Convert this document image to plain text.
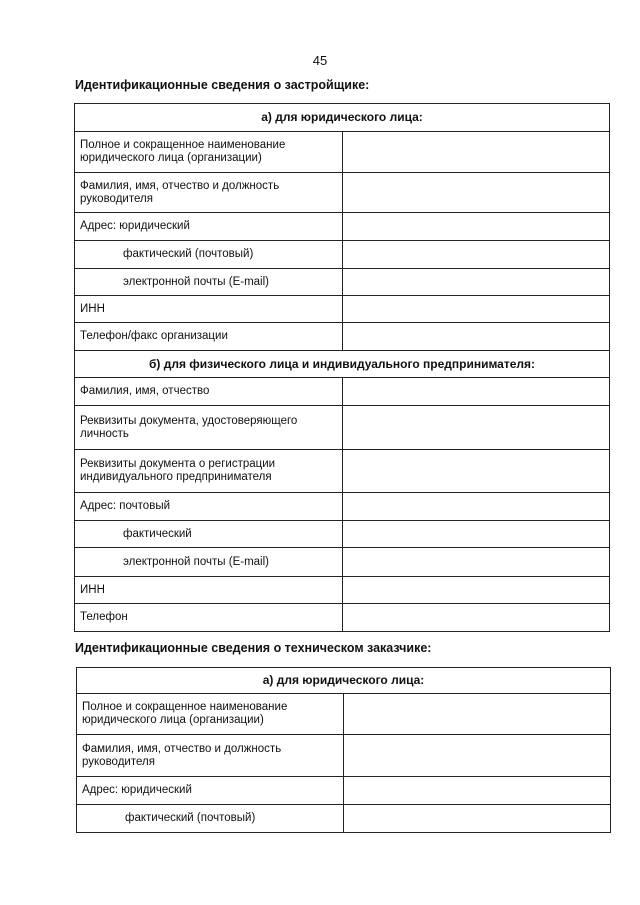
45
Идентификационные сведения о застройщике:
а) для юридического лица:	
Полное и сокращенное наименование юридического лица (организации)	
Фамилия, имя, отчество и должность руководителя	
Адрес: юридический	
фактический (почтовый)	
электронной почты (E-mail)	
ИНН	
Телефон/факс организации	
б) для физического лица и индивидуального предпринимателя:	
Фамилия, имя, отчество	
Реквизиты документа, удостоверяющего личность	
Реквизиты документа о регистрации индивидуального предпринимателя	
Адрес: почтовый	
фактический	
электронной почты (E-mail)	
ИНН	
Телефон	
Идентификационные сведения о техническом заказчике:
а) для юридического лица:	
Полное и сокращенное наименование юридического лица (организации)	
Фамилия, имя, отчество и должность руководителя	
Адрес: юридический	
фактический (почтовый)	
